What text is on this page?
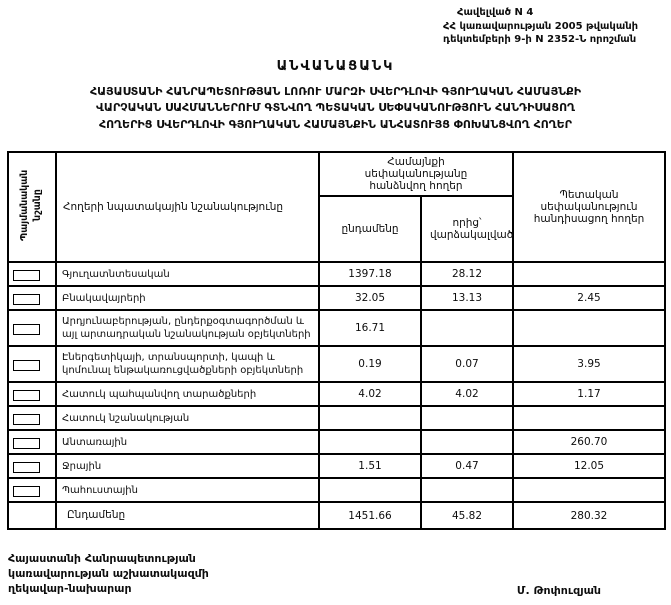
Հավելված N 4
ՀՀ կառավարության 2005 թվականի
դեկտեմբերի 9-ի N 2352-Ն որոշման
ԱՆՎԱՆԱՑԱՆԿ
ՀԱՅԱՍՏԱՆԻ ՀԱՆՐԱՊԵՏՈՒԹՅԱՆ ԼՈՌՈՒ ՄԱՐԶԻ ՍՎԵՐԴԼՈՎԻ ԳՅՈՒՂԱԿԱՆ ՀԱՄԱՅՆՔԻ
ՎԱՐՉԱԿԱՆ ՍԱՀՄԱՆՆԵՐՈՒՄ ԳՏՆՎՈՂ ՊԵՏԱԿԱՆ ՍԵՓԱԿԱՆՈՒԹՅՈՒՆ ՀԱՆԴԻՍԱՑՈՂ
ՀՈՂԵՐԻՑ ՍՎԵՐԴԼՈՎԻ ԳՅՈՒՂԱԿԱՆ ՀԱՄԱՅՆՔԻՆ ԱՆՀԱՏՈՒՅՑ ՓՈԽԱՆՑՎՈՂ ՀՈՂԵՐ
Պայմանական նշանը	Հողերի նպատակային նշանակությունը	Համայնքի սեփականությանը հանձնվող հողեր		Պետական սեփականություն հանդիսացող հողեր
		ընդամենը	որից՝ վարձակալված	
	Գյուղատնտեսական	1397.18	28.12	
	Բնակավայրերի	32.05	13.13	2.45
	Արդյունաբերության, ընդերքօգտագործման և այլ արտադրական նշանակության օբյեկտների	16.71		
	Էներգետիկայի, տրանսպորտի, կապի և կոմունալ ենթակառուցվածքների օբյեկտների	0.19	0.07	3.95
	Հատուկ պահպանվող տարածքների	4.02	4.02	1.17
	Հատուկ նշանակության			
	Անտառային			260.70
	Ջրային	1.51	0.47	12.05
	Պահուստային			
	Ընդամենը	1451.66	45.82	280.32
Հայաստանի Հանրապետության
կառավարության աշխատակազմի
ղեկավար-նախարար	Մ. Թոփուզյան
